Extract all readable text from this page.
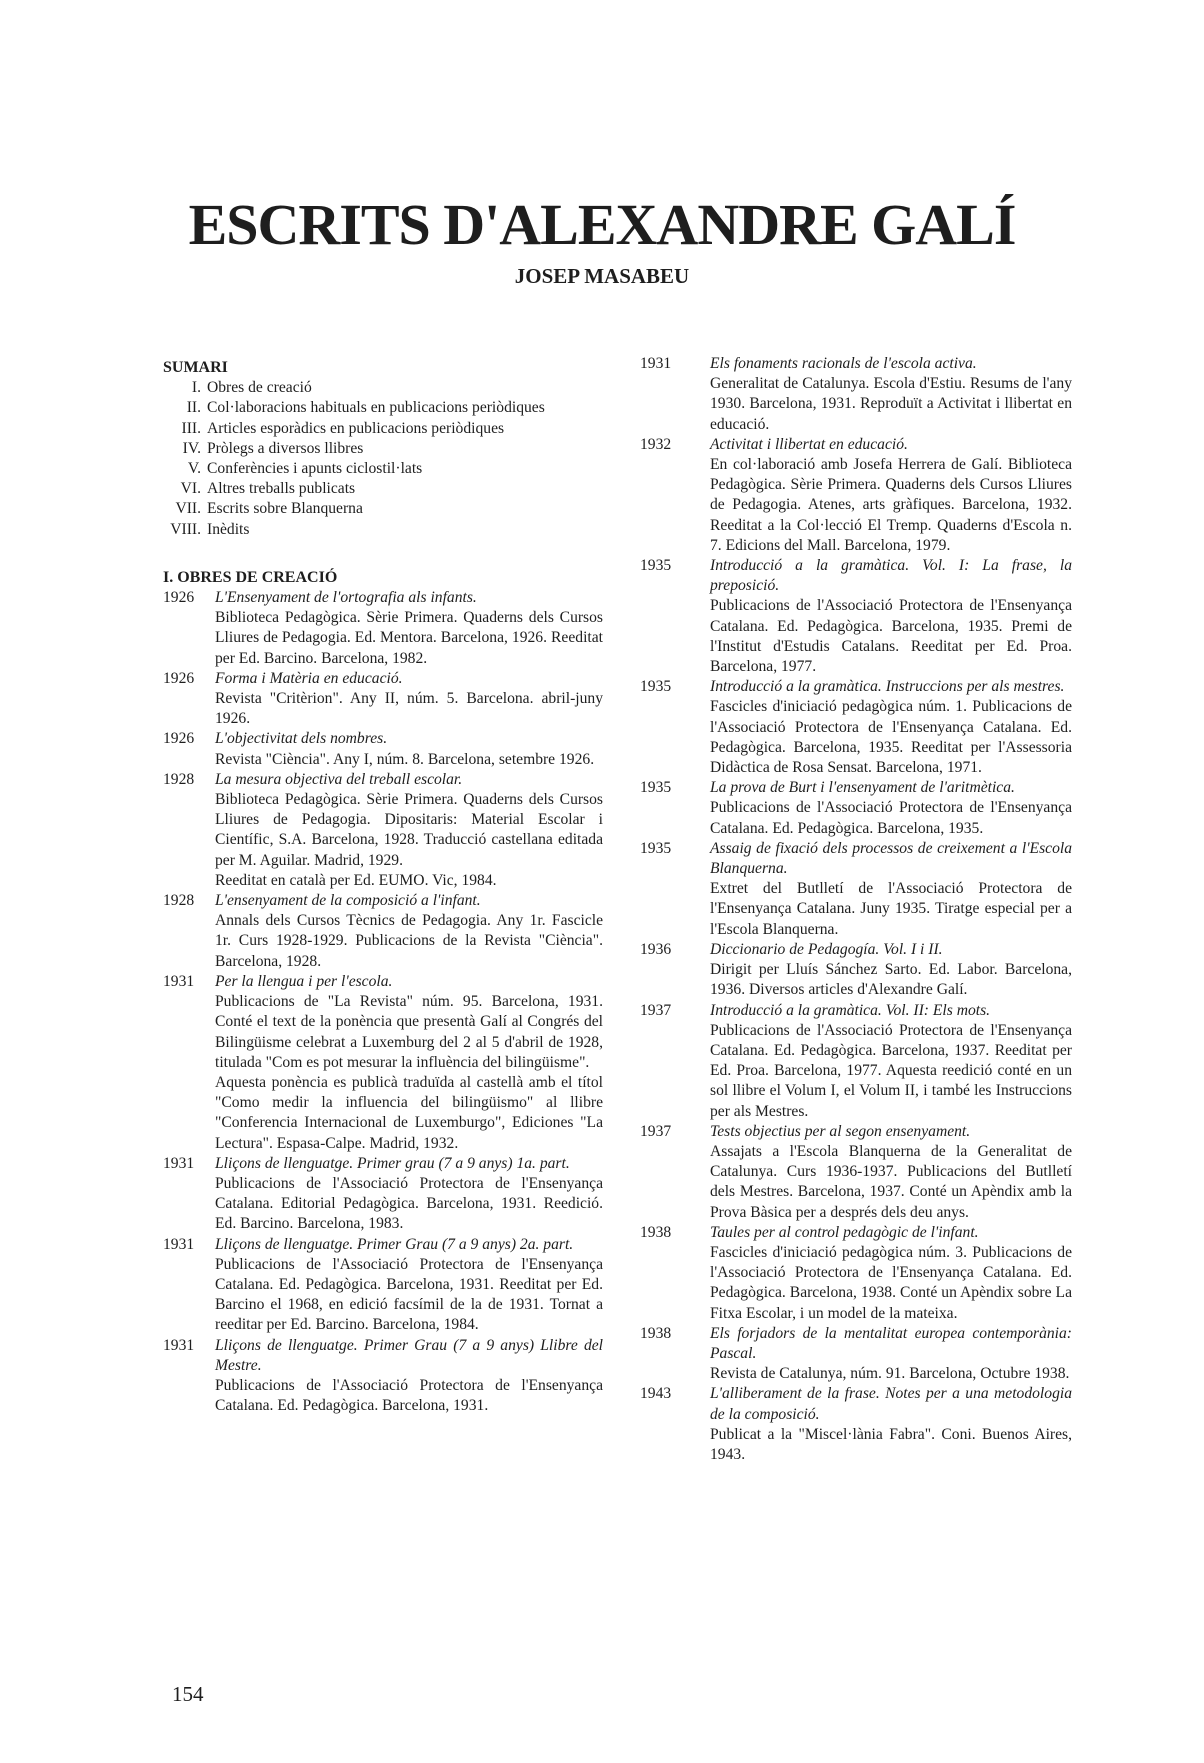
ESCRITS D'ALEXANDRE GALÍ
JOSEP MASABEU
SUMARI
I. Obres de creació
II. Col·laboracions habituals en publicacions periòdiques
III. Articles esporàdics en publicacions periòdiques
IV. Pròlegs a diversos llibres
V. Conferències i apunts ciclostil·lats
VI. Altres treballs publicats
VII. Escrits sobre Blanquerna
VIII. Inèdits
I. OBRES DE CREACIÓ
1926	L'Ensenyament de l'ortografia als infants.
Biblioteca Pedagògica. Sèrie Primera. Quaderns dels Cursos Lliures de Pedagogia. Ed. Mentora. Barcelona, 1926. Reeditat per Ed. Barcino. Barcelona, 1982.
1926	Forma i Matèria en educació.
Revista "Critèrion". Any II, núm. 5. Barcelona. abril-juny 1926.
1926	L'objectivitat dels nombres.
Revista "Ciència". Any I, núm. 8. Barcelona, setembre 1926.
1928	La mesura objectiva del treball escolar.
Biblioteca Pedagògica. Sèrie Primera. Quaderns dels Cursos Lliures de Pedagogia. Dipositaris: Material Escolar i Científic, S.A. Barcelona, 1928. Traducció castellana editada per M. Aguilar. Madrid, 1929.
Reeditat en català per Ed. EUMO. Vic, 1984.
1928	L'ensenyament de la composició a l'infant.
Annals dels Cursos Tècnics de Pedagogia. Any 1r. Fascicle 1r. Curs 1928-1929. Publicacions de la Revista "Ciència". Barcelona, 1928.
1931	Per la llengua i per l'escola.
Publicacions de "La Revista" núm. 95. Barcelona, 1931. Conté el text de la ponència que presentà Galí al Congrés del Bilingüisme celebrat a Luxemburg del 2 al 5 d'abril de 1928, titulada "Com es pot mesurar la influència del bilingüisme".
Aquesta ponència es publicà traduïda al castellà amb el títol "Como medir la influencia del bilingüismo" al llibre "Conferencia Internacional de Luxemburgo", Ediciones "La Lectura". Espasa-Calpe. Madrid, 1932.
1931	Lliçons de llenguatge. Primer grau (7 a 9 anys) 1a. part.
Publicacions de l'Associació Protectora de l'Ensenyança Catalana. Editorial Pedagògica. Barcelona, 1931. Reedició. Ed. Barcino. Barcelona, 1983.
1931	Lliçons de llenguatge. Primer Grau (7 a 9 anys) 2a. part.
Publicacions de l'Associació Protectora de l'Ensenyança Catalana. Ed. Pedagògica. Barcelona, 1931. Reeditat per Ed. Barcino el 1968, en edició facsímil de la de 1931. Tornat a reeditar per Ed. Barcino. Barcelona, 1984.
1931	Lliçons de llenguatge. Primer Grau (7 a 9 anys) Llibre del Mestre.
Publicacions de l'Associació Protectora de l'Ensenyança Catalana. Ed. Pedagògica. Barcelona, 1931.
1931	Els fonaments racionals de l'escola activa.
Generalitat de Catalunya. Escola d'Estiu. Resums de l'any 1930. Barcelona, 1931. Reproduït a Activitat i llibertat en educació.
1932	Activitat i llibertat en educació.
En col·laboració amb Josefa Herrera de Galí. Biblioteca Pedagògica. Sèrie Primera. Quaderns dels Cursos Lliures de Pedagogia. Atenes, arts gràfiques. Barcelona, 1932. Reeditat a la Col·lecció El Tremp. Quaderns d'Escola n. 7. Edicions del Mall. Barcelona, 1979.
1935	Introducció a la gramàtica. Vol. I: La frase, la preposició.
Publicacions de l'Associació Protectora de l'Ensenyança Catalana. Ed. Pedagògica. Barcelona, 1935. Premi de l'Institut d'Estudis Catalans. Reeditat per Ed. Proa. Barcelona, 1977.
1935	Introducció a la gramàtica. Instruccions per als mestres.
Fascicles d'iniciació pedagògica núm. 1. Publicacions de l'Associació Protectora de l'Ensenyança Catalana. Ed. Pedagògica. Barcelona, 1935. Reeditat per l'Assessoria Didàctica de Rosa Sensat. Barcelona, 1971.
1935	La prova de Burt i l'ensenyament de l'aritmètica.
Publicacions de l'Associació Protectora de l'Ensenyança Catalana. Ed. Pedagògica. Barcelona, 1935.
1935	Assaig de fixació dels processos de creixement a l'Escola Blanquerna.
Extret del Butlletí de l'Associació Protectora de l'Ensenyança Catalana. Juny 1935. Tiratge especial per a l'Escola Blanquerna.
1936	Diccionario de Pedagogía. Vol. I i II.
Dirigit per Lluís Sánchez Sarto. Ed. Labor. Barcelona, 1936. Diversos articles d'Alexandre Galí.
1937	Introducció a la gramàtica. Vol. II: Els mots.
Publicacions de l'Associació Protectora de l'Ensenyança Catalana. Ed. Pedagògica. Barcelona, 1937. Reeditat per Ed. Proa. Barcelona, 1977. Aquesta reedició conté en un sol llibre el Volum I, el Volum II, i també les Instruccions per als Mestres.
1937	Tests objectius per al segon ensenyament.
Assajats a l'Escola Blanquerna de la Generalitat de Catalunya. Curs 1936-1937. Publicacions del Butlletí dels Mestres. Barcelona, 1937. Conté un Apèndix amb la Prova Bàsica per a després dels deu anys.
1938	Taules per al control pedagògic de l'infant.
Fascicles d'iniciació pedagògica núm. 3. Publicacions de l'Associació Protectora de l'Ensenyança Catalana. Ed. Pedagògica. Barcelona, 1938. Conté un Apèndix sobre La Fitxa Escolar, i un model de la mateixa.
1938	Els forjadors de la mentalitat europea contemporània: Pascal.
Revista de Catalunya, núm. 91. Barcelona, Octubre 1938.
1943	L'alliberament de la frase. Notes per a una metodologia de la composició.
Publicat a la "Miscel·lània Fabra". Coni. Buenos Aires, 1943.
154
